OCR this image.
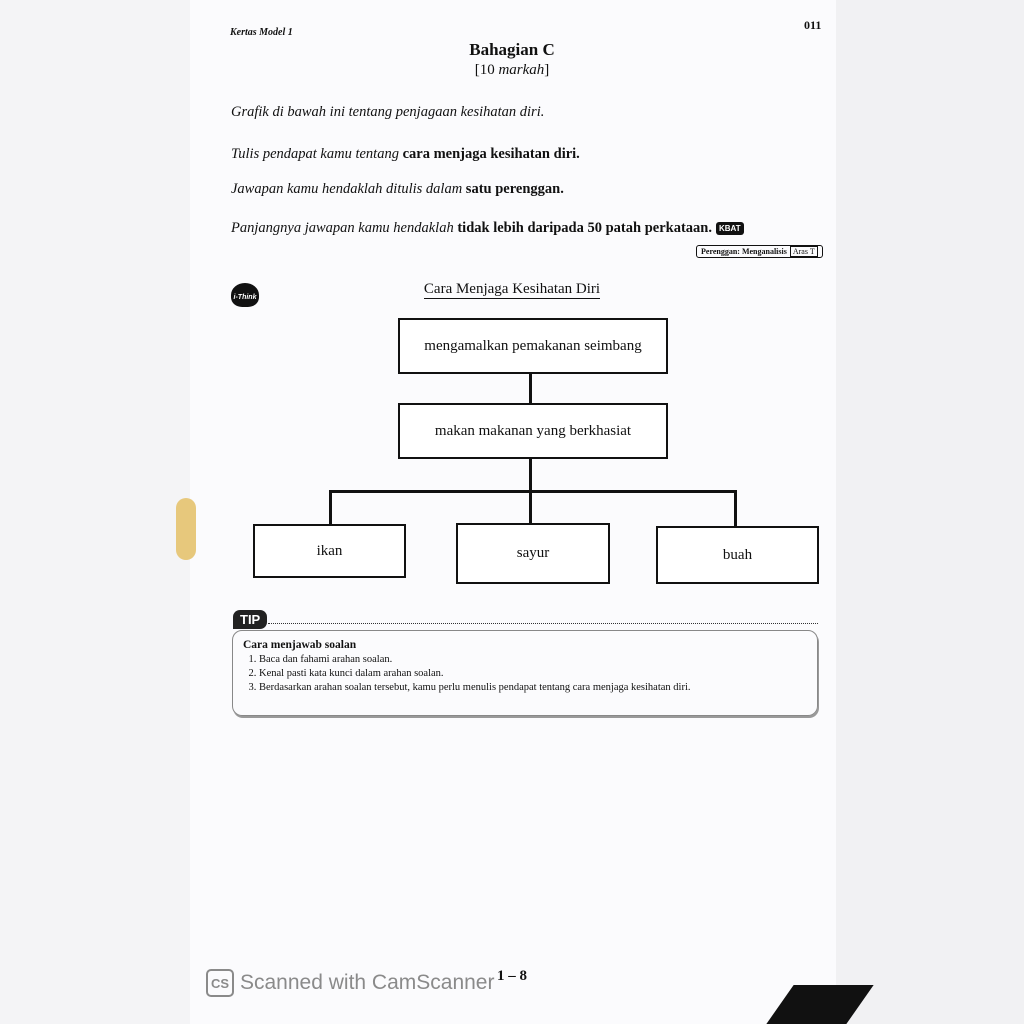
Kertas Model 1
011
Bahagian C
[10 markah]
Grafik di bawah ini tentang penjagaan kesihatan diri.
Tulis pendapat kamu tentang cara menjaga kesihatan diri.
Jawapan kamu hendaklah ditulis dalam satu perenggan.
Panjangnya jawapan kamu hendaklah tidak lebih daripada 50 patah perkataan. KBAT
Perenggan: Menganalisis Aras T
i-Think
Cara Menjaga Kesihatan Diri
mengamalkan pemakanan seimbang
makan makanan yang berkhasiat
ikan	sayur	buah
TIP
Cara menjawab soalan
1. Baca dan fahami arahan soalan.
2. Kenal pasti kata kunci dalam arahan soalan.
3. Berdasarkan arahan soalan tersebut, kamu perlu menulis pendapat tentang cara menjaga kesihatan diri.
1 – 8
CS Scanned with CamScanner
